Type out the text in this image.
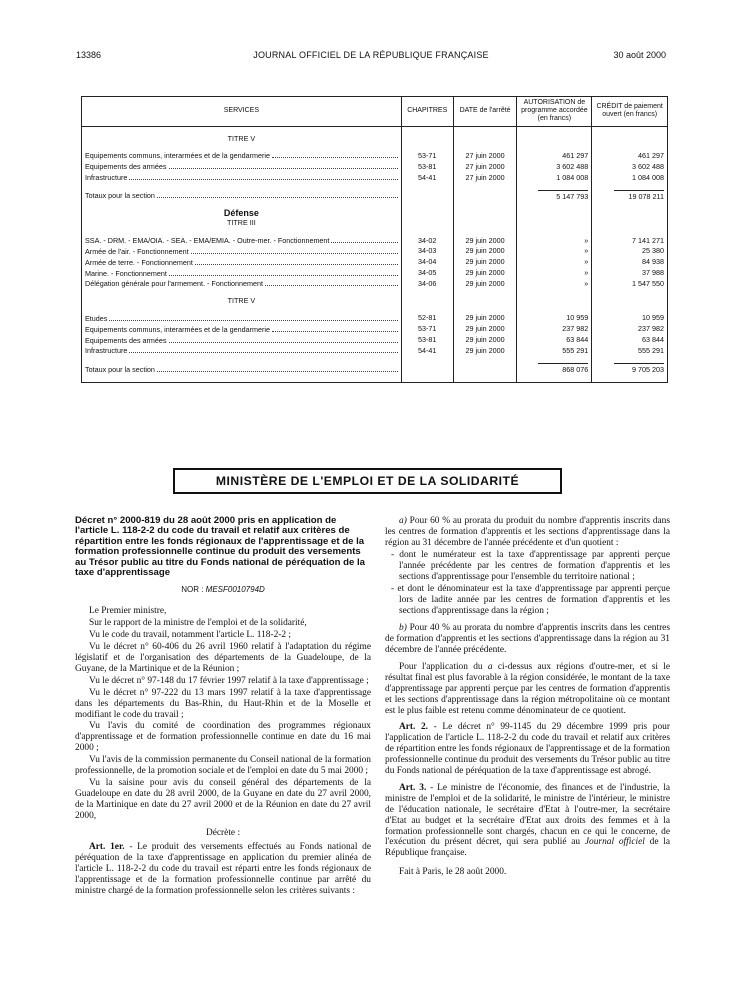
13386	JOURNAL OFFICIEL DE LA RÉPUBLIQUE FRANÇAISE	30 août 2000
SERVICES	CHAPITRES	DATE de l'arrêté	AUTORISATION de programme accordée (en francs)	CRÉDIT de paiement ouvert (en francs)

TITRE V				

Equipements communs, interarmées et de la gendarmerie	53-71	27 juin 2000	461 297	461 297

Equipements des armées	53-81	27 juin 2000	3 602 488	3 602 488

Infrastructure	54-41	27 juin 2000	1 084 008	1 084 008

Totaux pour la section			5 147 793	19 078 211

Défense				
TITRE III				

SSA. - DRM. - EMA/OIA. - SEA. - EMA/EMIA. - Outre-mer. - Fonctionnement	34-02	29 juin 2000	»	7 141 271

Armée de l'air. - Fonctionnement	34-03	29 juin 2000	»	25 380

Armée de terre. - Fonctionnement	34-04	29 juin 2000	»	84 938

Marine. - Fonctionnement	34-05	29 juin 2000	»	37 988

Délégation générale pour l'armement. - Fonctionnement	34-06	29 juin 2000	»	1 547 550

TITRE V				

Etudes	52-81	29 juin 2000	10 959	10 959

Equipements communs, interarmées et de la gendarmerie	53-71	29 juin 2000	237 982	237 982

Equipements des armées	53-81	29 juin 2000	63 844	63 844

Infrastructure	54-41	29 juin 2000	555 291	555 291

Totaux pour la section			868 076	9 705 203

MINISTÈRE DE L'EMPLOI ET DE LA SOLIDARITÉ
Décret n° 2000-819 du 28 août 2000 pris en application de l'article L. 118-2-2 du code du travail et relatif aux critères de répartition entre les fonds régionaux de l'apprentissage et de la formation professionnelle continue du produit des versements au Trésor public au titre du Fonds national de péréquation de la taxe d'apprentissage
NOR : MESF0010794D

Le Premier ministre,

Sur le rapport de la ministre de l'emploi et de la solidarité,

Vu le code du travail, notamment l'article L. 118-2-2 ;

Vu le décret n° 60-406 du 26 avril 1960 relatif à l'adaptation du régime législatif et de l'organisation des départements de la Guadeloupe, de la Guyane, de la Martinique et de la Réunion ;

Vu le décret n° 97-148 du 17 février 1997 relatif à la taxe d'apprentissage ;

Vu le décret n° 97-222 du 13 mars 1997 relatif à la taxe d'apprentissage dans les départements du Bas-Rhin, du Haut-Rhin et de la Moselle et modifiant le code du travail ;

Vu l'avis du comité de coordination des programmes régionaux d'apprentissage et de formation professionnelle continue en date du 16 mai 2000 ;

Vu l'avis de la commission permanente du Conseil national de la formation professionnelle, de la promotion sociale et de l'emploi en date du 5 mai 2000 ;

Vu la saisine pour avis du conseil général des départements de la Guadeloupe en date du 28 avril 2000, de la Guyane en date du 27 avril 2000, de la Martinique en date du 27 avril 2000 et de la Réunion en date du 27 avril 2000,

Décrète :

Art. 1er. - Le produit des versements effectués au Fonds national de péréquation de la taxe d'apprentissage en application du premier alinéa de l'article L. 118-2-2 du code du travail est réparti entre les fonds régionaux de l'apprentissage et de la formation professionnelle continue par arrêté du ministre chargé de la formation professionnelle selon les critères suivants :

a) Pour 60 % au prorata du produit du nombre d'apprentis inscrits dans les centres de formation d'apprentis et les sections d'apprentissage dans la région au 31 décembre de l'année précédente et d'un quotient :

- dont le numérateur est la taxe d'apprentissage par apprenti perçue l'année précédente par les centres de formation d'apprentis et les sections d'apprentissage pour l'ensemble du territoire national ;
- et dont le dénominateur est la taxe d'apprentissage par apprenti perçue lors de ladite année par les centres de formation d'apprentis et les sections d'apprentissage dans la région ;

b) Pour 40 % au prorata du nombre d'apprentis inscrits dans les centres de formation d'apprentis et les sections d'apprentissage dans la région au 31 décembre de l'année précédente.

Pour l'application du a ci-dessus aux régions d'outre-mer, et si le résultat final est plus favorable à la région considérée, le montant de la taxe d'apprentissage par apprenti perçue par les centres de formation d'apprentis et les sections d'apprentissage dans la région métropolitaine où ce montant est le plus faible est retenu comme dénominateur de ce quotient.

Art. 2. - Le décret n° 99-1145 du 29 décembre 1999 pris pour l'application de l'article L. 118-2-2 du code du travail et relatif aux critères de répartition entre les fonds régionaux de l'apprentissage et de la formation professionnelle continue du produit des versements du Trésor public au titre du Fonds national de péréquation de la taxe d'apprentissage est abrogé.

Art. 3. - Le ministre de l'économie, des finances et de l'industrie, la ministre de l'emploi et de la solidarité, le ministre de l'intérieur, le ministre de l'éducation nationale, le secrétaire d'Etat à l'outre-mer, la secrétaire d'Etat au budget et la secrétaire d'Etat aux droits des femmes et à la formation professionnelle sont chargés, chacun en ce qui le concerne, de l'exécution du présent décret, qui sera publié au Journal officiel de la République française.

Fait à Paris, le 28 août 2000.
